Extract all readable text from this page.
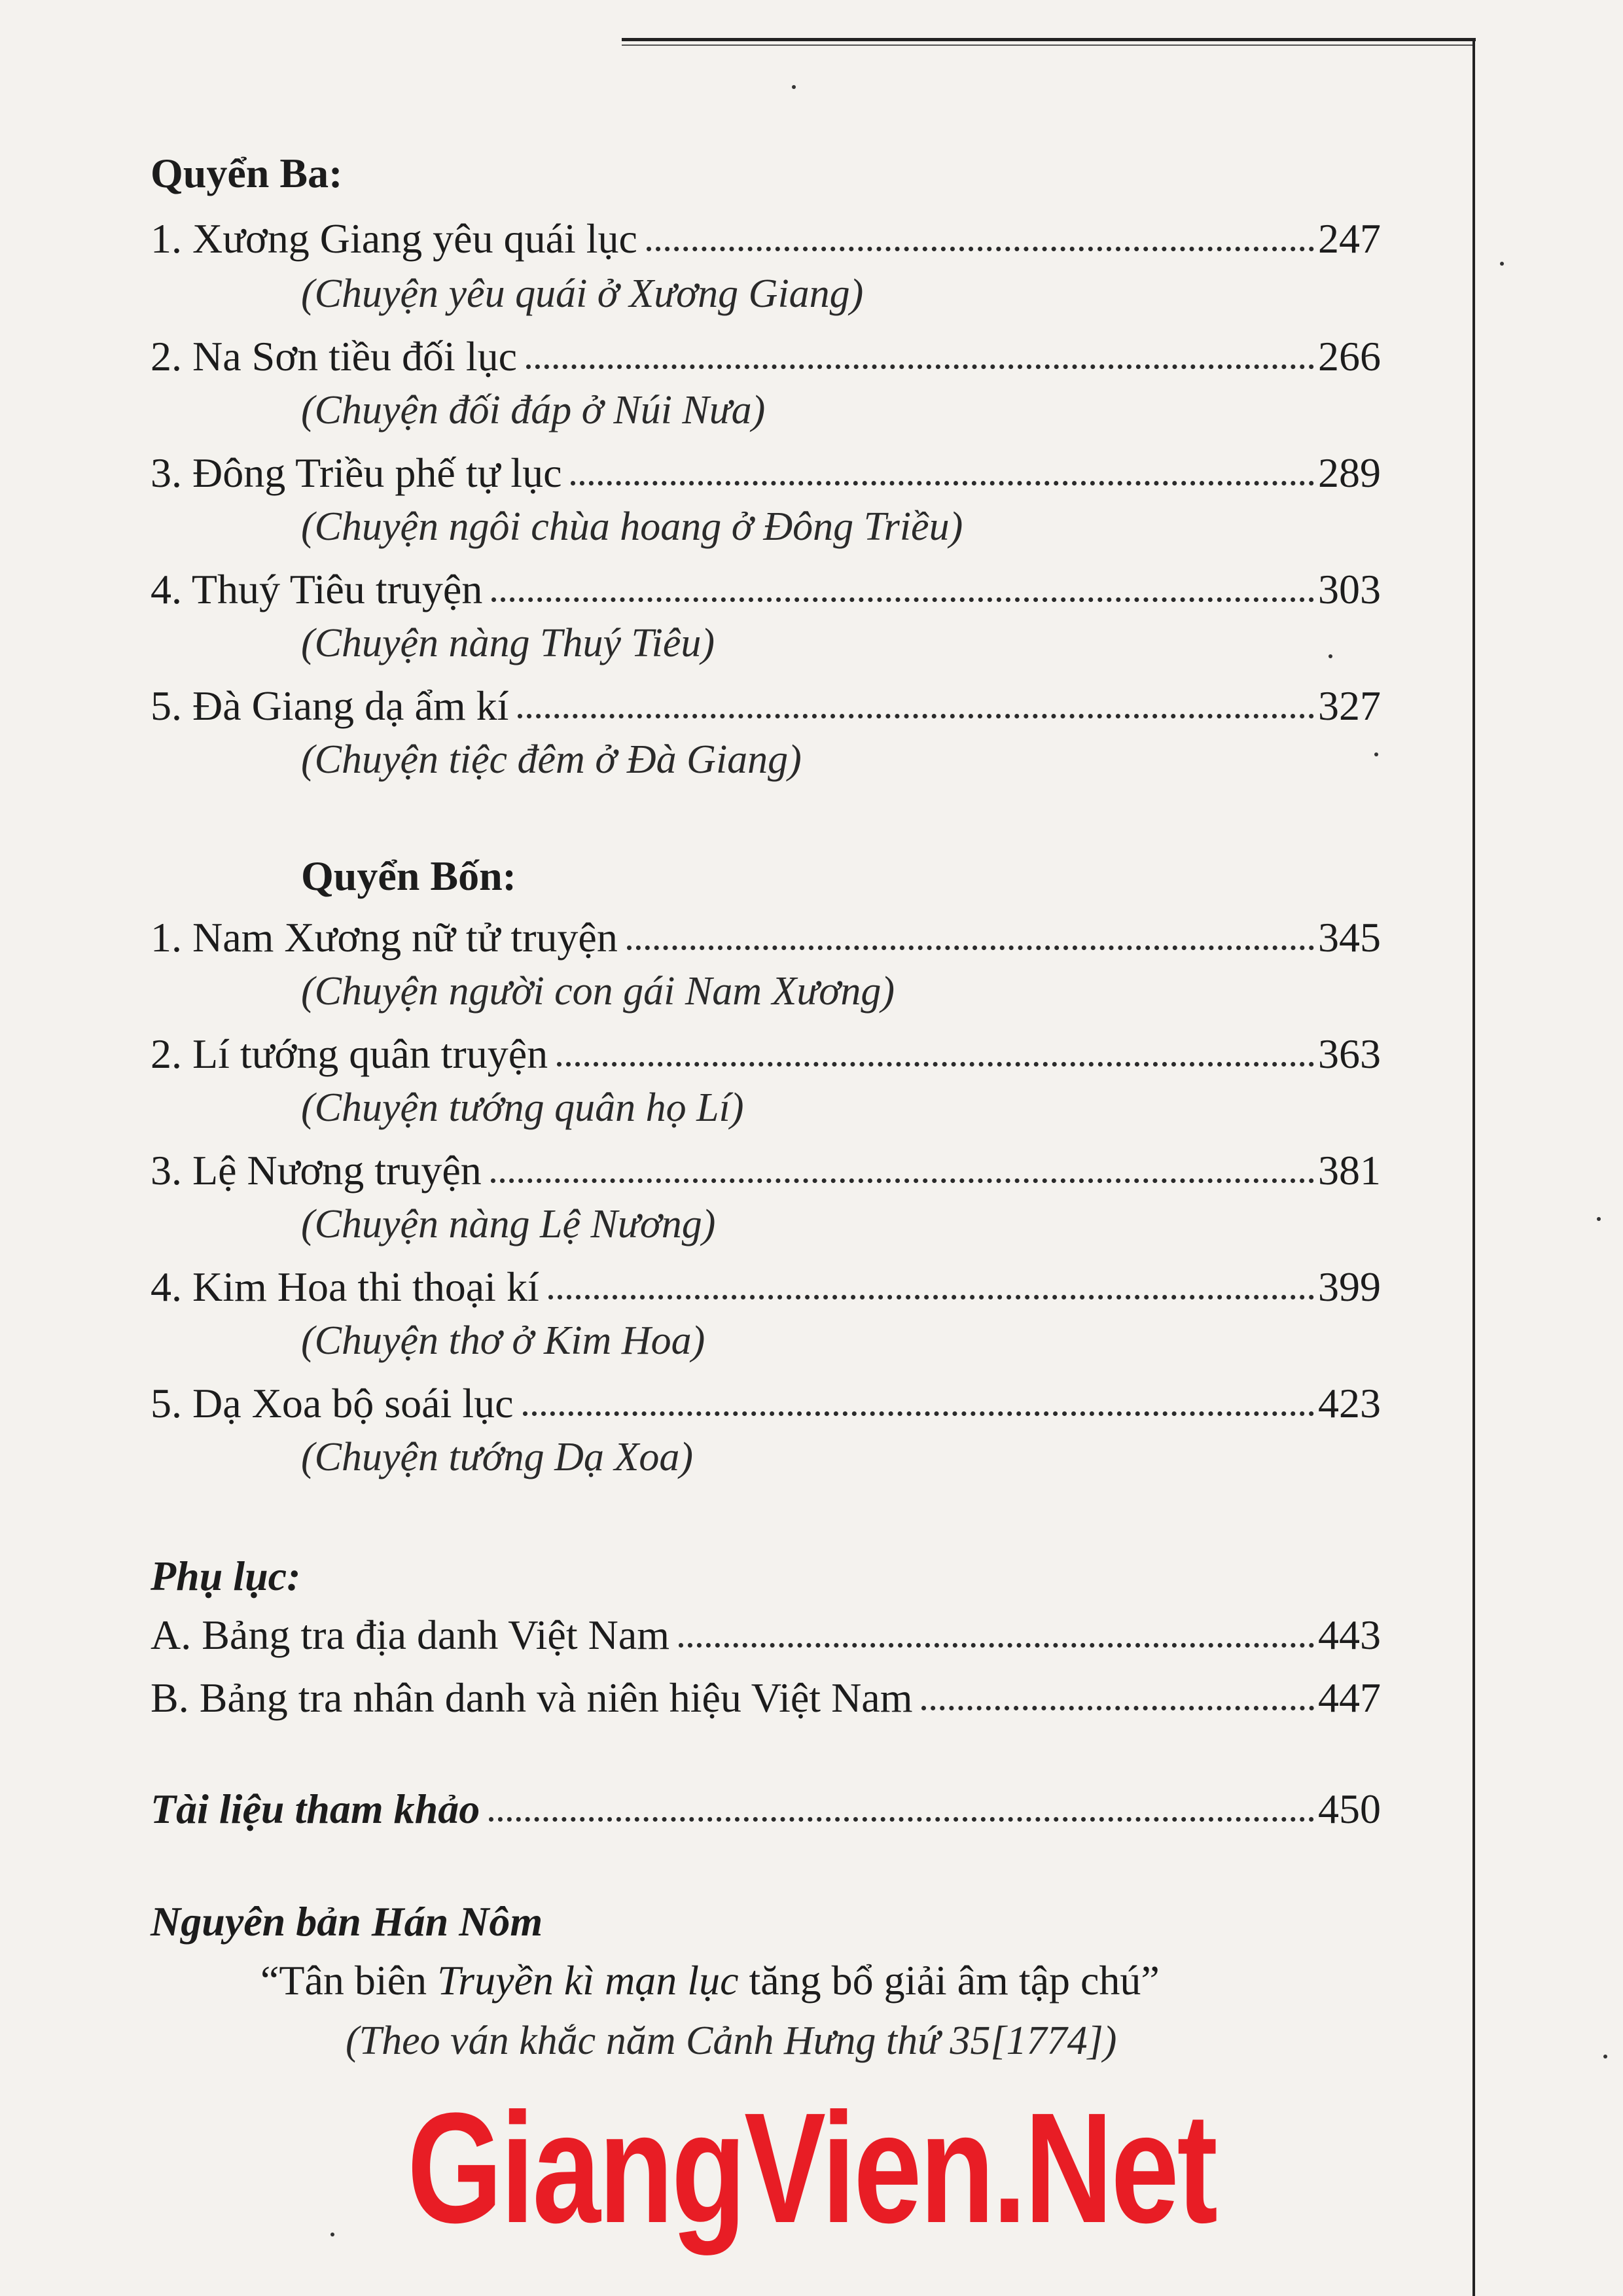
Quyển Ba:
1. Xương Giang yêu quái lục	247
(Chuyện yêu quái ở Xương Giang)
2. Na Sơn tiều đối lục	266
(Chuyện đối đáp ở Núi Nưa)
3. Đông Triều phế tự lục	289
(Chuyện ngôi chùa hoang ở Đông Triều)
4. Thuý Tiêu truyện	303
(Chuyện nàng Thuý Tiêu)
5. Đà Giang dạ ẩm kí	327
(Chuyện tiệc đêm ở Đà Giang)
Quyển Bốn:
1. Nam Xương nữ tử truyện	345
(Chuyện người con gái Nam Xương)
2. Lí tướng quân truyện	363
(Chuyện tướng quân họ Lí)
3. Lệ Nương truyện	381
(Chuyện nàng Lệ Nương)
4. Kim Hoa thi thoại kí	399
(Chuyện thơ ở Kim Hoa)
5. Dạ Xoa bộ soái lục	423
(Chuyện tướng Dạ Xoa)
Phụ lục:
A. Bảng tra địa danh Việt Nam	443
B. Bảng tra nhân danh và niên hiệu Việt Nam	447
Tài liệu tham khảo	450
Nguyên bản Hán Nôm
“Tân biên Truyền kì mạn lục tăng bổ giải âm tập chú”
(Theo ván khắc năm Cảnh Hưng thứ 35[1774])
GiangVien.Net
